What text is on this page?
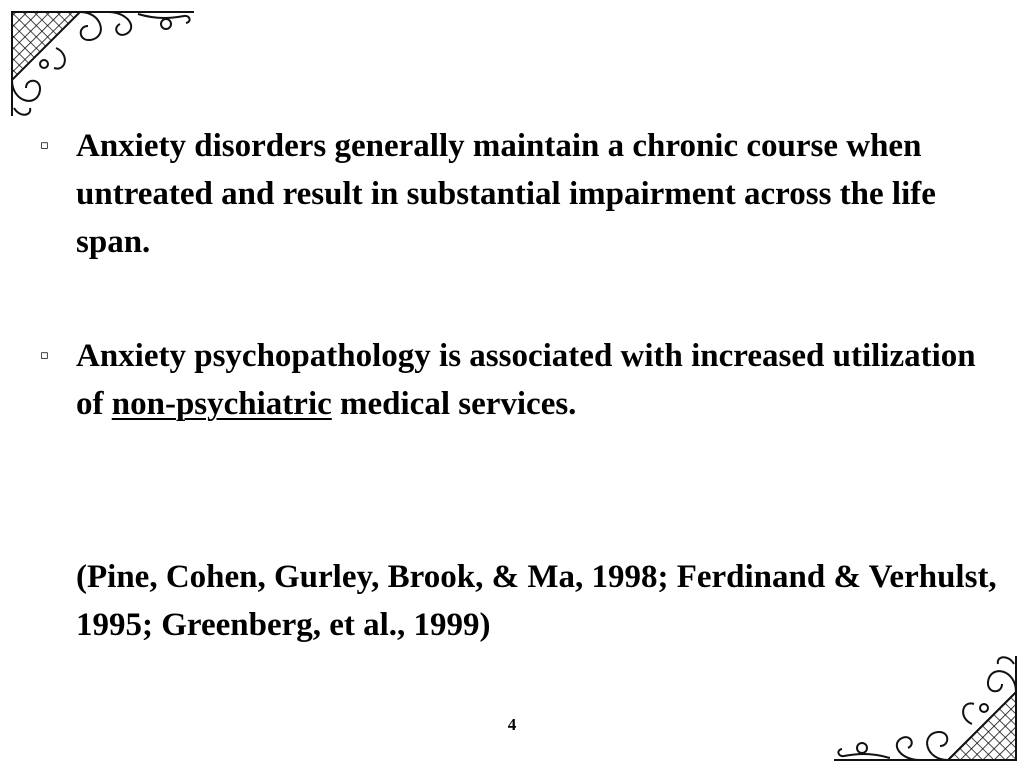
▫ Anxiety disorders generally maintain a chronic course when untreated and result in substantial impairment across the life span.
▫ Anxiety psychopathology is associated with increased utilization of non-psychiatric medical services.
(Pine, Cohen, Gurley, Brook, & Ma, 1998; Ferdinand & Verhulst, 1995; Greenberg, et al., 1999)
4
